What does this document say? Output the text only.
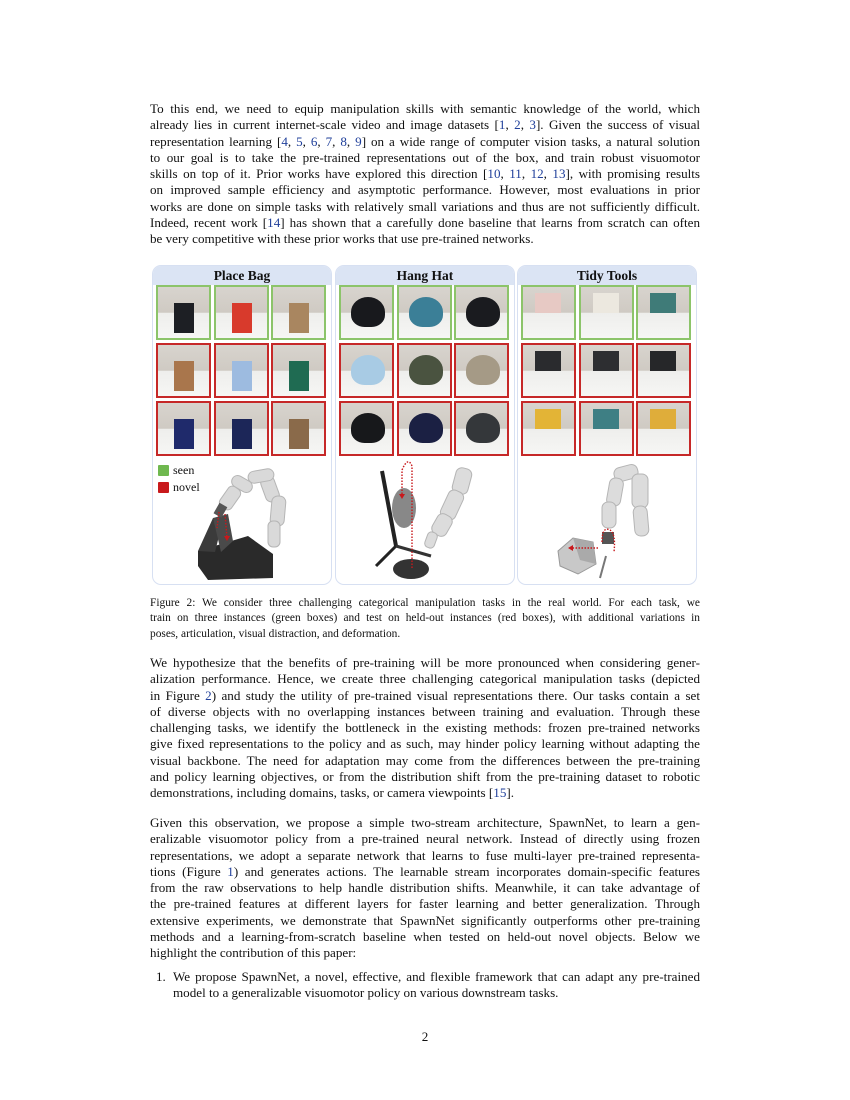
To this end, we need to equip manipulation skills with semantic knowledge of the world, which
already lies in current internet-scale video and image datasets [1, 2, 3]. Given the success of visual
representation learning [4, 5, 6, 7, 8, 9] on a wide range of computer vision tasks, a natural solution
to our goal is to take the pre-trained representations out of the box, and train robust visuomotor
skills on top of it. Prior works have explored this direction [10, 11, 12, 13], with promising results
on improved sample efficiency and asymptotic performance. However, most evaluations in prior
works are done on simple tasks with relatively small variations and thus are not sufficiently difficult.
Indeed, recent work [14] has shown that a carefully done baseline that learns from scratch can often
be very competitive with these prior works that use pre-trained networks.
Place Bag
seen
novel
Hang Hat	Tidy Tools
Figure 2: We consider three challenging categorical manipulation tasks in the real world. For each task, we
train on three instances (green boxes) and test on held-out instances (red boxes), with additional variations in
poses, articulation, visual distraction, and deformation.
We hypothesize that the benefits of pre-training will be more pronounced when considering gener-
alization performance. Hence, we create three challenging categorical manipulation tasks (depicted
in Figure 2) and study the utility of pre-trained visual representations there. Our tasks contain a set
of diverse objects with no overlapping instances between training and evaluation. Through these
challenging tasks, we identify the bottleneck in the existing methods: frozen pre-trained networks
give fixed representations to the policy and as such, may hinder policy learning without adapting the
visual backbone. The need for adaptation may come from the differences between the pre-training
and policy learning objectives, or from the distribution shift from the pre-training dataset to robotic
demonstrations, including domains, tasks, or camera viewpoints [15].
Given this observation, we propose a simple two-stream architecture, SpawnNet, to learn a gen-
eralizable visuomotor policy from a pre-trained neural network. Instead of directly using frozen
representations, we adopt a separate network that learns to fuse multi-layer pre-trained representa-
tions (Figure 1) and generates actions. The learnable stream incorporates domain-specific features
from the raw observations to help handle distribution shifts. Meanwhile, it can take advantage of
the pre-trained features at different layers for faster learning and better generalization. Through
extensive experiments, we demonstrate that SpawnNet significantly outperforms other pre-training
methods and a learning-from-scratch baseline when tested on held-out novel objects. Below we
highlight the contribution of this paper:
1. We propose SpawnNet, a novel, effective, and flexible framework that can adapt any pre-trained
model to a generalizable visuomotor policy on various downstream tasks.
2
